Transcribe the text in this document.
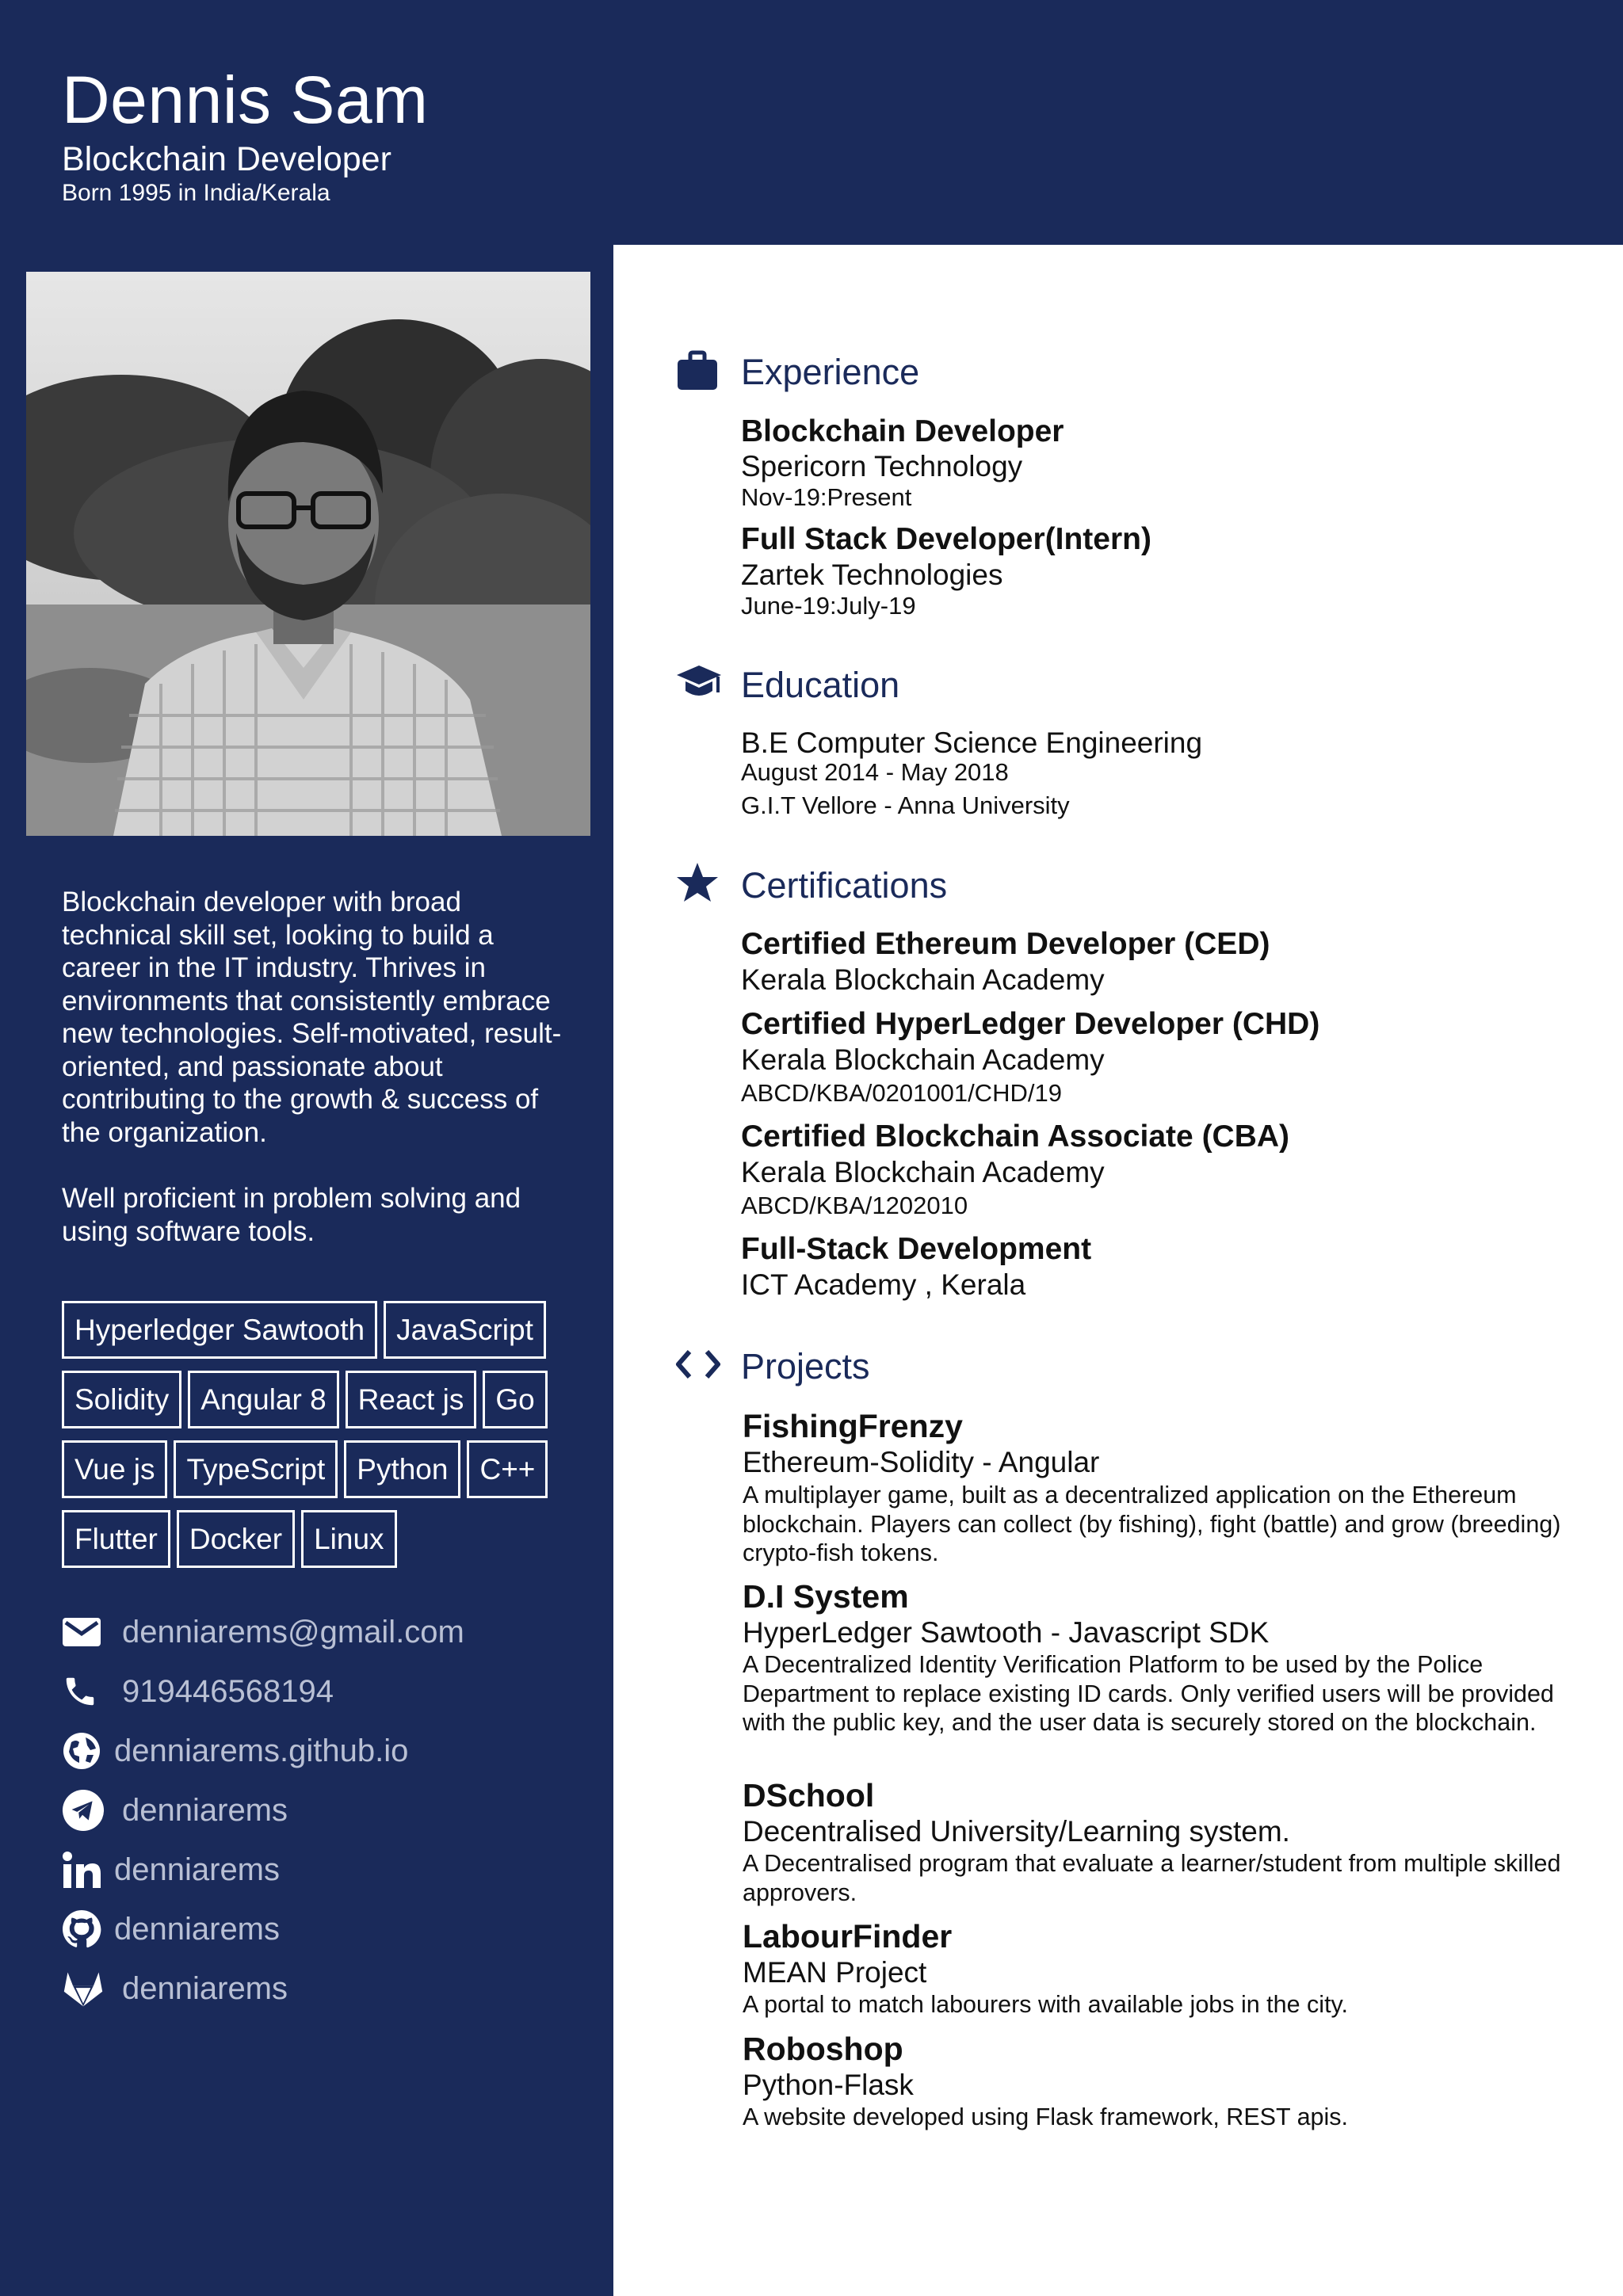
Dennis Sam
Blockchain Developer
Born 1995 in India/Kerala

Blockchain developer with broad technical skill set, looking to build a career in the IT industry. Thrives in environments that consistently embrace new technologies. Self-motivated, result-oriented, and passionate about contributing to the growth & success of the organization.

Well proficient in problem solving and using software tools.

Hyperledger Sawtooth	JavaScript
Solidity	Angular 8	React js	Go
Vue js	TypeScript	Python	C++
Flutter	Docker	Linux
denniarems@gmail.com
919446568194
denniarems.github.io
denniarems
denniarems
denniarems
denniarems
Experience
Blockchain Developer
Spericorn Technology
Nov-19:Present
Full Stack Developer(Intern)
Zartek Technologies
June-19:July-19
Education
B.E Computer Science Engineering
August 2014 - May 2018
G.I.T Vellore - Anna University
Certifications
Certified Ethereum Developer (CED)
Kerala Blockchain Academy
Certified HyperLedger Developer (CHD)
Kerala Blockchain Academy
ABCD/KBA/0201001/CHD/19
Certified Blockchain Associate (CBA)
Kerala Blockchain Academy
ABCD/KBA/1202010
Full-Stack Development
ICT Academy , Kerala
Projects
FishingFrenzy
Ethereum-Solidity - Angular
A multiplayer game, built as a decentralized application on the Ethereum blockchain. Players can collect (by fishing), fight (battle) and grow (breeding) crypto-fish tokens.
D.I System
HyperLedger Sawtooth - Javascript SDK
A Decentralized Identity Verification Platform to be used by the Police Department to replace existing ID cards. Only verified users will be provided with the public key, and the user data is securely stored on the blockchain.
DSchool
Decentralised University/Learning system.
A Decentralised program that evaluate a learner/student from multiple skilled approvers.
LabourFinder
MEAN Project
A portal to match labourers with available jobs in the city.
Roboshop
Python-Flask
A website developed using Flask framework, REST apis.
